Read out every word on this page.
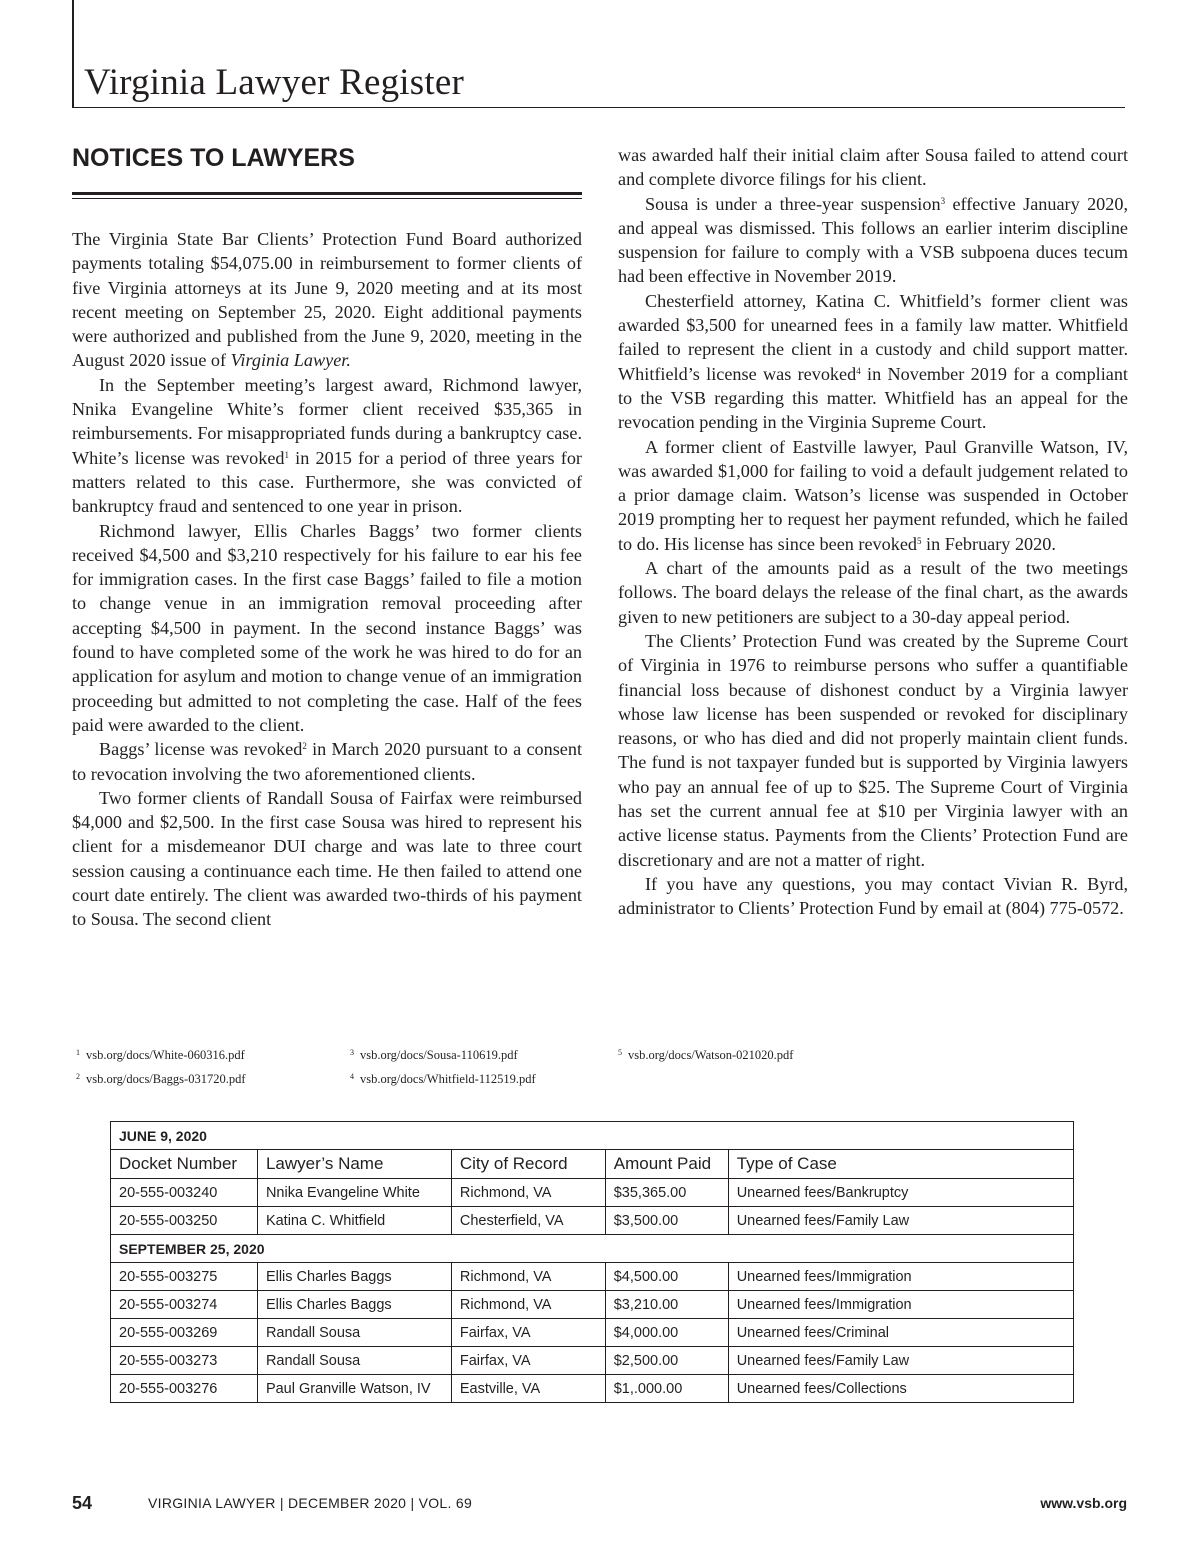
Virginia Lawyer Register
NOTICES TO LAWYERS

The Virginia State Bar Clients’ Protection Fund Board authorized payments totaling $54,075.00 in reimbursement to former clients of five Virginia attorneys at its June 9, 2020 meeting and at its most recent meeting on September 25, 2020. Eight additional payments were authorized and published from the June 9, 2020, meeting in the August 2020 issue of Virginia Lawyer.

In the September meeting’s largest award, Richmond lawyer, Nnika Evangeline White’s former client received $35,365 in reimbursements. For misappropriated funds during a bankruptcy case. White’s license was revoked$^1$ in 2015 for a period of three years for matters related to this case. Furthermore, she was convicted of bankruptcy fraud and sentenced to one year in prison.

Richmond lawyer, Ellis Charles Baggs’ two former clients received $4,500 and $3,210 respectively for his failure to ear his fee for immigration cases. In the first case Baggs’ failed to file a motion to change venue in an immigration removal proceeding after accepting $4,500 in payment. In the second instance Baggs’ was found to have completed some of the work he was hired to do for an application for asylum and motion to change venue of an immigration proceeding but admitted to not completing the case. Half of the fees paid were awarded to the client.

Baggs’ license was revoked$^2$ in March 2020 pursuant to a consent to revocation involving the two aforementioned clients.

Two former clients of Randall Sousa of Fairfax were reimbursed $4,000 and $2,500. In the first case Sousa was hired to represent his client for a misdemeanor DUI charge and was late to three court session causing a continuance each time. He then failed to attend one court date entirely. The client was awarded two-thirds of his payment to Sousa. The second client

was awarded half their initial claim after Sousa failed to attend court and complete divorce filings for his client.

Sousa is under a three-year suspension$^3$ effective January 2020, and appeal was dismissed. This follows an earlier interim discipline suspension for failure to comply with a VSB subpoena duces tecum had been effective in November 2019.

Chesterfield attorney, Katina C. Whitfield’s former client was awarded $3,500 for unearned fees in a family law matter. Whitfield failed to represent the client in a custody and child support matter. Whitfield’s license was revoked$^4$ in November 2019 for a compliant to the VSB regarding this matter. Whitfield has an appeal for the revocation pending in the Virginia Supreme Court.

A former client of Eastville lawyer, Paul Granville Watson, IV, was awarded $1,000 for failing to void a default judgement related to a prior damage claim. Watson’s license was suspended in October 2019 prompting her to request her payment refunded, which he failed to do. His license has since been revoked$^5$ in February 2020.

A chart of the amounts paid as a result of the two meetings follows. The board delays the release of the final chart, as the awards given to new petitioners are subject to a 30-day appeal period.

The Clients’ Protection Fund was created by the Supreme Court of Virginia in 1976 to reimburse persons who suffer a quantifiable financial loss because of dishonest conduct by a Virginia lawyer whose law license has been suspended or revoked for disciplinary reasons, or who has died and did not properly maintain client funds. The fund is not taxpayer funded but is supported by Virginia lawyers who pay an annual fee of up to $25. The Supreme Court of Virginia has set the current annual fee at $10 per Virginia lawyer with an active license status. Payments from the Clients’ Protection Fund are discretionary and are not a matter of right.

If you have any questions, you may contact Vivian R. Byrd, administrator to Clients’ Protection Fund by email at (804) 775-0572.

$^1$ vsb.org/docs/White-060316.pdf
$^2$ vsb.org/docs/Baggs-031720.pdf
$^3$ vsb.org/docs/Sousa-110619.pdf
$^4$ vsb.org/docs/Whitfield-112519.pdf
$^5$ vsb.org/docs/Watson-021020.pdf
JUNE 9, 2020				
Docket Number	Lawyer’s Name	City of Record	Amount Paid	Type of Case
20-555-003240	Nnika Evangeline White	Richmond, VA	$35,365.00	Unearned fees/Bankruptcy
20-555-003250	Katina C. Whitfield	Chesterfield, VA	$3,500.00	Unearned fees/Family Law
SEPTEMBER 25, 2020				
20-555-003275	Ellis Charles Baggs	Richmond, VA	$4,500.00	Unearned fees/Immigration
20-555-003274	Ellis Charles Baggs	Richmond, VA	$3,210.00	Unearned fees/Immigration
20-555-003269	Randall Sousa	Fairfax, VA	$4,000.00	Unearned fees/Criminal
20-555-003273	Randall Sousa	Fairfax, VA	$2,500.00	Unearned fees/Family Law
20-555-003276	Paul Granville Watson, IV	Eastville, VA	$1,.000.00	Unearned fees/Collections
54	VIRGINIA LAWYER | DECEMBER 2020 | VOL. 69	www.vsb.org
